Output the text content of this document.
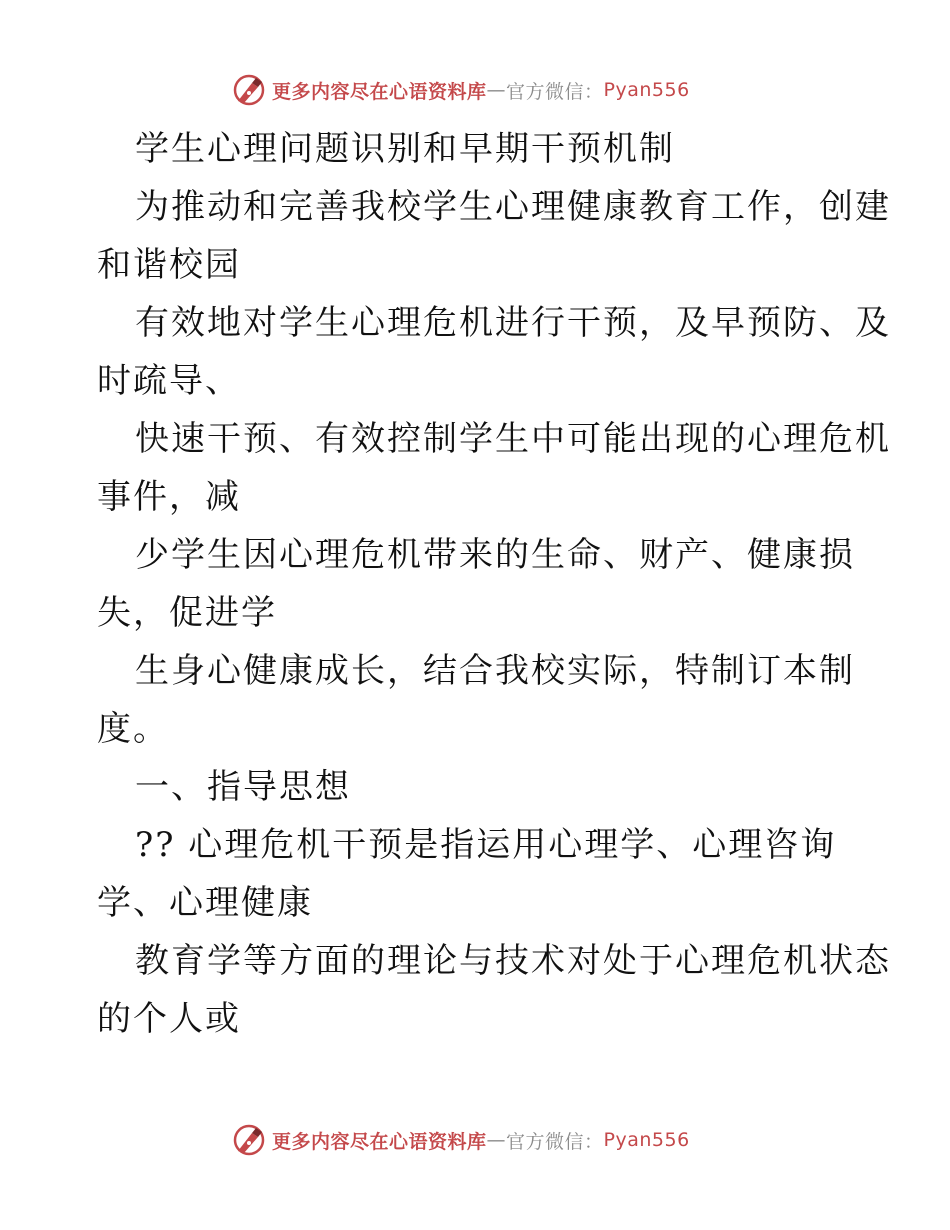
更多内容尽在心语资料库 — 官方微信： Pyan556
学生心理问题识别和早期干预机制
为推动和完善我校学生心理健康教育工作，创建
和谐校园
有效地对学生心理危机进行干预，及早预防、及
时疏导、
快速干预、有效控制学生中可能出现的心理危机
事件，减
少学生因心理危机带来的生命、财产、健康损
失，促进学
生身心健康成长，结合我校实际，特制订本制
度。
一、指导思想
?? 心理危机干预是指运用心理学、心理咨询
学、心理健康
教育学等方面的理论与技术对处于心理危机状态
的个人或
更多内容尽在心语资料库 — 官方微信： Pyan556
